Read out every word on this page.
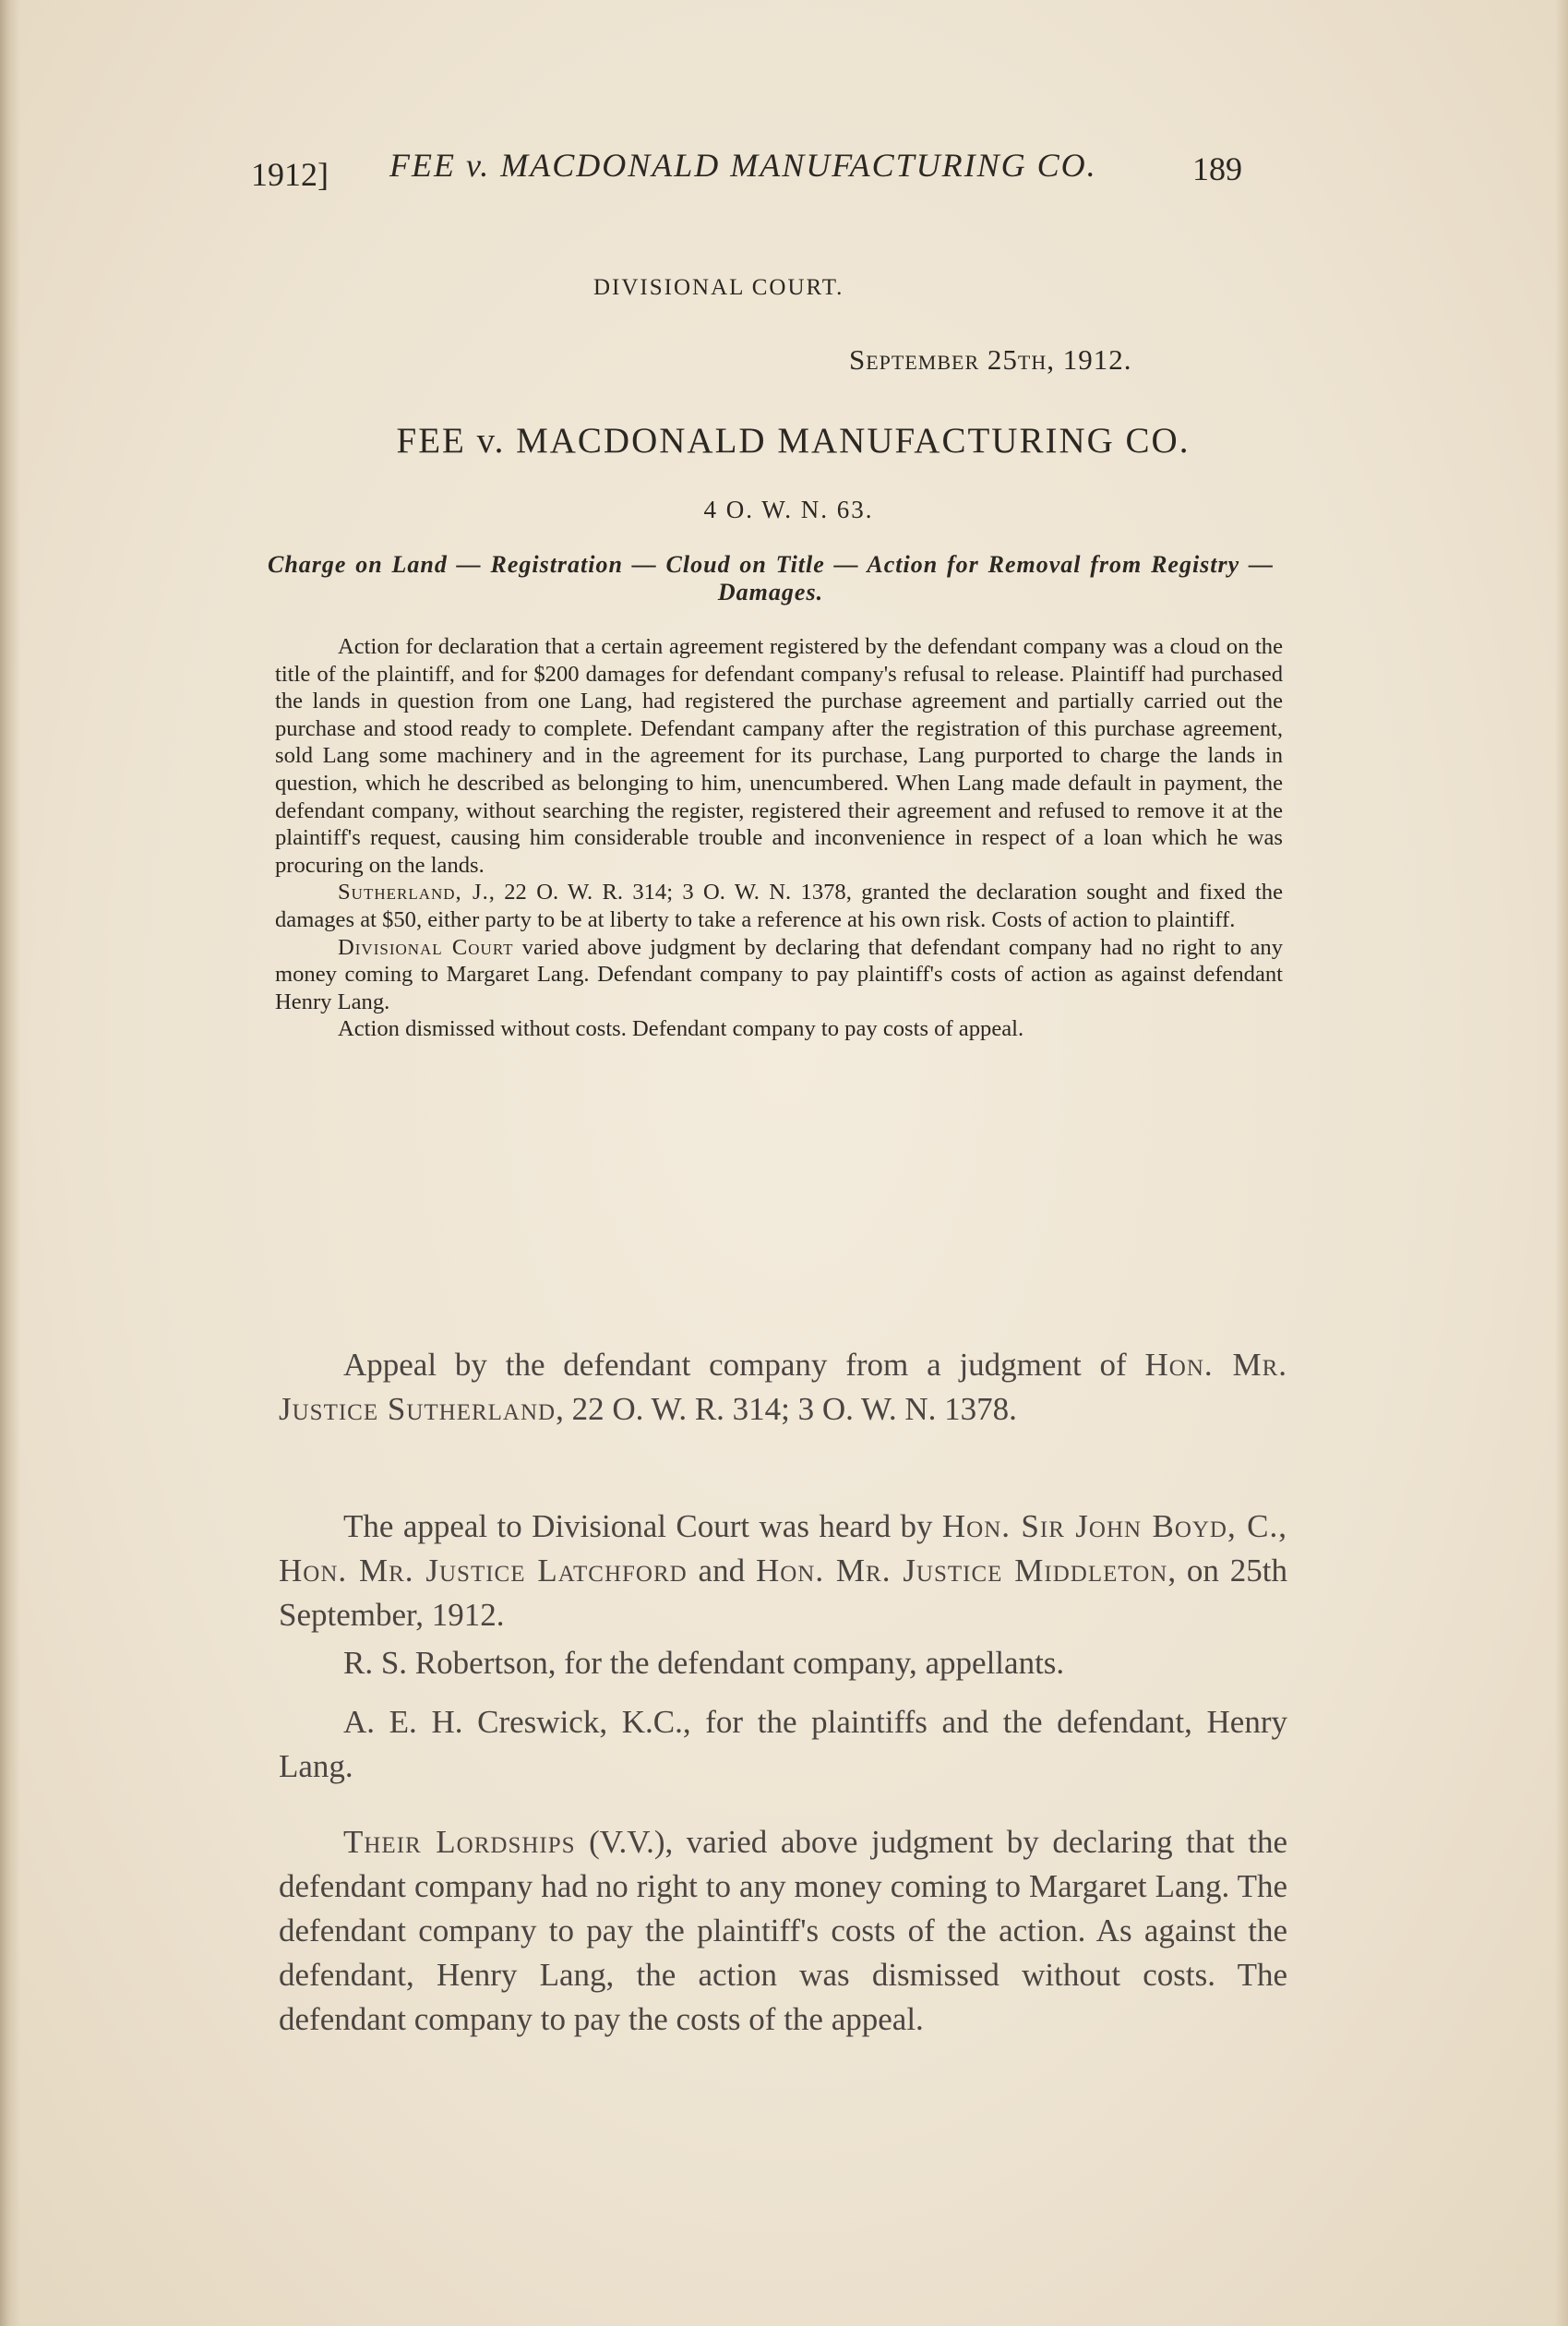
1912] FEE v. MACDONALD MANUFACTURING CO.	189
DIVISIONAL COURT.
September 25th, 1912.
FEE v. MACDONALD MANUFACTURING CO.
4 O. W. N. 63.
Charge on Land — Registration — Cloud on Title — Action for Removal from Registry — Damages.

Action for declaration that a certain agreement registered by the defendant company was a cloud on the title of the plaintiff, and for $200 damages for defendant company's refusal to release. Plaintiff had purchased the lands in question from one Lang, had registered the purchase agreement and partially carried out the purchase and stood ready to complete. Defendant campany after the registration of this purchase agreement, sold Lang some machinery and in the agreement for its purchase, Lang purported to charge the lands in question, which he described as belonging to him, unencumbered. When Lang made default in payment, the defendant company, without searching the register, registered their agreement and refused to remove it at the plaintiff's request, causing him considerable trouble and inconvenience in respect of a loan which he was procuring on the lands.

Sutherland, J., 22 O. W. R. 314; 3 O. W. N. 1378, granted the declaration sought and fixed the damages at $50, either party to be at liberty to take a reference at his own risk. Costs of action to plaintiff.

Divisional Court varied above judgment by declaring that defendant company had no right to any money coming to Margaret Lang. Defendant company to pay plaintiff's costs of action as against defendant Henry Lang.

Action dismissed without costs. Defendant company to pay costs of appeal.

Appeal by the defendant company from a judgment of Hon. Mr. Justice Sutherland, 22 O. W. R. 314; 3 O. W. N. 1378.

The appeal to Divisional Court was heard by Hon. Sir John Boyd, C., Hon. Mr. Justice Latchford and Hon. Mr. Justice Middleton, on 25th September, 1912.

R. S. Robertson, for the defendant company, appellants.

A. E. H. Creswick, K.C., for the plaintiffs and the defendant, Henry Lang.

Their Lordships (V.V.), varied above judgment by declaring that the defendant company had no right to any money coming to Margaret Lang. The defendant company to pay the plaintiff's costs of the action. As against the defendant, Henry Lang, the action was dismissed without costs. The defendant company to pay the costs of the appeal.
